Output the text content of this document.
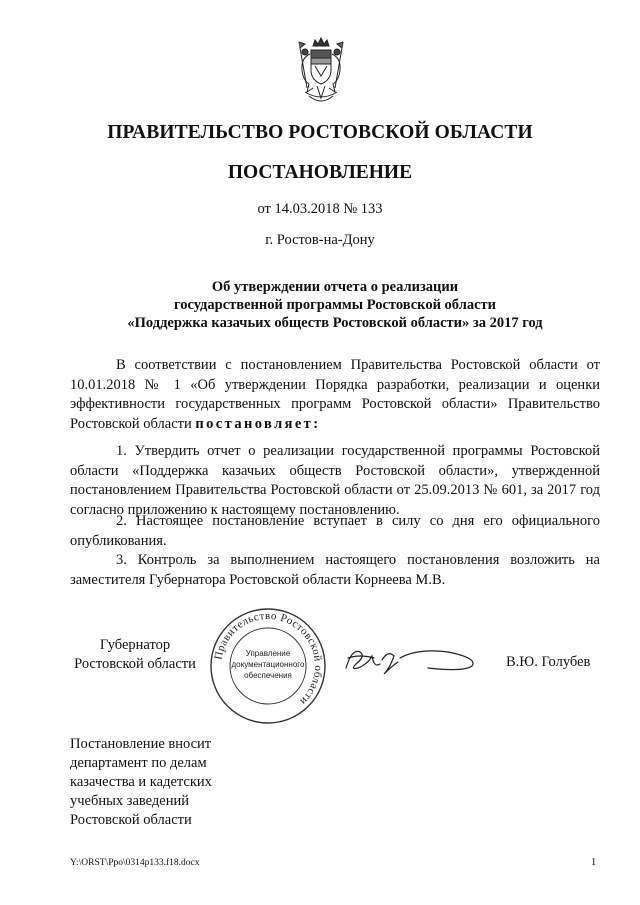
ПРАВИТЕЛЬСТВО РОСТОВСКОЙ ОБЛАСТИ
ПОСТАНОВЛЕНИЕ
от 14.03.2018 № 133
г. Ростов-на-Дону
Об утверждении отчета о реализации
государственной программы Ростовской области
«Поддержка казачьих обществ Ростовской области» за 2017 год

В соответствии с постановлением Правительства Ростовской области от 10.01.2018 № 1 «Об утверждении Порядка разработки, реализации и оценки эффективности государственных программ Ростовской области» Правительство Ростовской области постановляет:

1. Утвердить отчет о реализации государственной программы Ростовской области «Поддержка казачьих обществ Ростовской области», утвержденной постановлением Правительства Ростовской области от 25.09.2013 № 601, за 2017 год согласно приложению к настоящему постановлению.

2. Настоящее постановление вступает в силу со дня его официального опубликования.

3. Контроль за выполнением настоящего постановления возложить на заместителя Губернатора Ростовской области Корнеева М.В.

Губернатор
Ростовской области
Правительство Ростовской области
Управление
документационного
обеспечения
В.Ю. Голубев
Постановление вносит
департамент по делам
казачества и кадетских
учебных заведений
Ростовской области
Y:\ORST\Ppo\0314p133.f18.docx	1
